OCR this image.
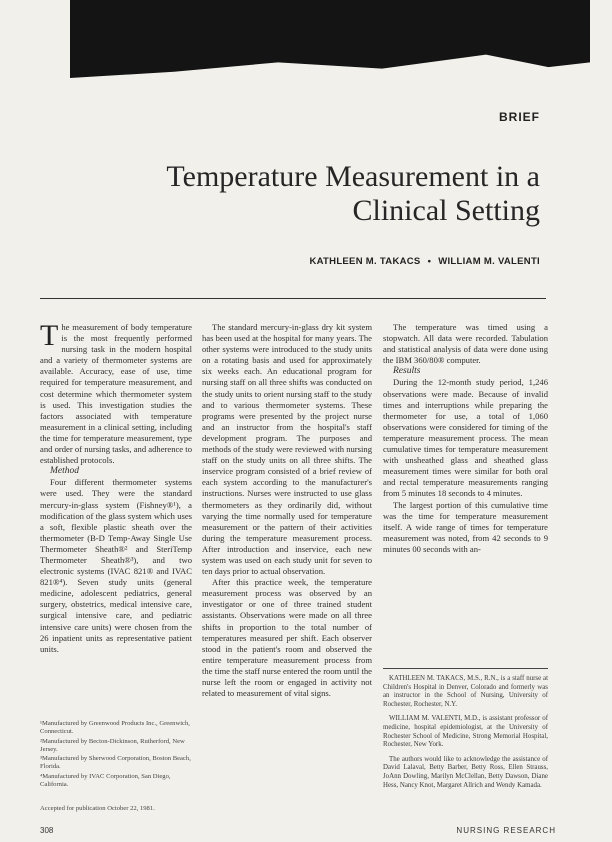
BRIEF
Temperature Measurement in a
Clinical Setting
KATHLEEN M. TAKACS • WILLIAM M. VALENTI

The measurement of body temperature is the most frequently performed nursing task in the modern hospital and a variety of thermometer systems are available. Accuracy, ease of use, time required for temperature measurement, and cost determine which thermometer system is used. This investigation studies the factors associated with temperature measurement in a clinical setting, including the time for temperature measurement, type and order of nursing tasks, and adherence to established protocols.

Method

Four different thermometer systems were used. They were the standard mercury-in-glass system (Fishney®¹), a modification of the glass system which uses a soft, flexible plastic sheath over the thermometer (B-D Temp-Away Single Use Thermometer Sheath®² and SteriTemp Thermometer Sheath®³), and two electronic systems (IVAC 821® and IVAC 821®⁴). Seven study units (general medicine, adolescent pediatrics, general surgery, obstetrics, medical intensive care, surgical intensive care, and pediatric intensive care units) were chosen from the 26 inpatient units as representative patient units.

¹Manufactured by Greenwood Products Inc., Greenwich, Connecticut.

²Manufactured by Becton-Dickinson, Rutherford, New Jersey.

³Manufactured by Sherwood Corporation, Boston Beach, Florida.

⁴Manufactured by IVAC Corporation, San Diego, California.

Accepted for publication October 22, 1981.

The standard mercury-in-glass dry kit system has been used at the hospital for many years. The other systems were introduced to the study units on a rotating basis and used for approximately six weeks each. An educational program for nursing staff on all three shifts was conducted on the study units to orient nursing staff to the study and to various thermometer systems. These programs were presented by the project nurse and an instructor from the hospital's staff development program. The purposes and methods of the study were reviewed with nursing staff on the study units on all three shifts. The inservice program consisted of a brief review of each system according to the manufacturer's instructions. Nurses were instructed to use glass thermometers as they ordinarily did, without varying the time normally used for temperature measurement or the pattern of their activities during the temperature measurement process. After introduction and inservice, each new system was used on each study unit for seven to ten days prior to actual observation.

After this practice week, the temperature measurement process was observed by an investigator or one of three trained student assistants. Observations were made on all three shifts in proportion to the total number of temperatures measured per shift. Each observer stood in the patient's room and observed the entire temperature measurement process from the time the staff nurse entered the room until the nurse left the room or engaged in activity not related to measurement of vital signs.

The temperature was timed using a stopwatch. All data were recorded. Tabulation and statistical analysis of data were done using the IBM 360/80® computer.

Results

During the 12-month study period, 1,246 observations were made. Because of invalid times and interruptions while preparing the thermometer for use, a total of 1,060 observations were considered for timing of the temperature measurement process. The mean cumulative times for temperature measurement with unsheathed glass and sheathed glass measurement times were similar for both oral and rectal temperature measurements ranging from 5 minutes 18 seconds to 4 minutes.

The largest portion of this cumulative time was the time for temperature measurement itself. A wide range of times for temperature measurement was noted, from 42 seconds to 9 minutes 00 seconds with an-

KATHLEEN M. TAKACS, M.S., R.N., is a staff nurse at Children's Hospital in Denver, Colorado and formerly was an instructor in the School of Nursing, University of Rochester, Rochester, N.Y.

WILLIAM M. VALENTI, M.D., is assistant professor of medicine, hospital epidemiologist, at the University of Rochester School of Medicine, Strong Memorial Hospital, Rochester, New York.

The authors would like to acknowledge the assistance of David Lalaval, Betty Barber, Betty Ross, Ellen Strauss, JoAnn Dowling, Marilyn McClellan, Betty Dawson, Diane Hess, Nancy Knot, Margaret Allrich and Wendy Kamada.

308	NURSING RESEARCH
